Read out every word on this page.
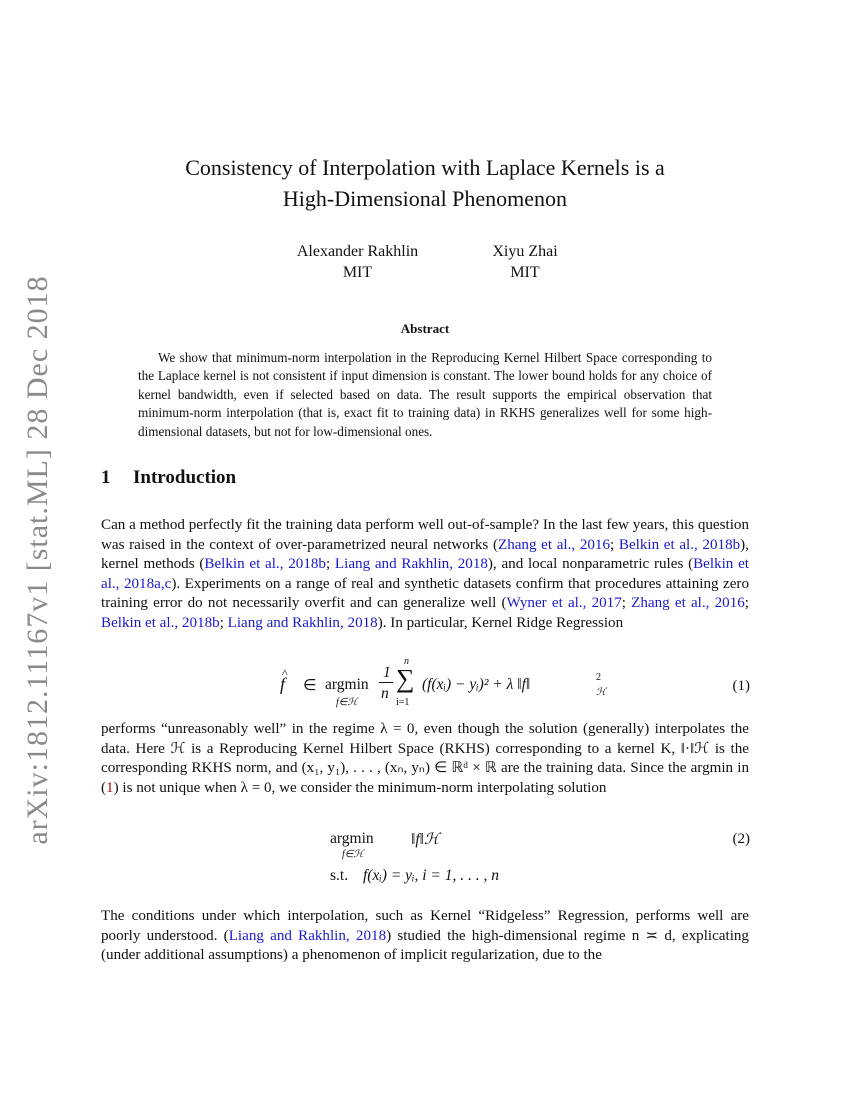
arXiv:1812.11167v1 [stat.ML] 28 Dec 2018
Consistency of Interpolation with Laplace Kernels is a
High-Dimensional Phenomenon
Alexander Rakhlin
MIT
Xiyu Zhai
MIT
Abstract
We show that minimum-norm interpolation in the Reproducing Kernel Hilbert Space corresponding to the Laplace kernel is not consistent if input dimension is constant. The lower bound holds for any choice of kernel bandwidth, even if selected based on data. The result supports the empirical observation that minimum-norm interpolation (that is, exact fit to training data) in RKHS generalizes well for some high-dimensional datasets, but not for low-dimensional ones.
1 Introduction
Can a method perfectly fit the training data perform well out-of-sample? In the last few years, this question was raised in the context of over-parametrized neural networks (Zhang et al., 2016; Belkin et al., 2018b), kernel methods (Belkin et al., 2018b; Liang and Rakhlin, 2018), and local nonparametric rules (Belkin et al., 2018a,c). Experiments on a range of real and synthetic datasets confirm that procedures attaining zero training error do not necessarily overfit and can generalize well (Wyner et al., 2017; Zhang et al., 2016; Belkin et al., 2018b; Liang and Rakhlin, 2018). In particular, Kernel Ridge Regression
f
^
∈ argmin
f∈ℋ
1
n
n
∑
i=1
(f(xᵢ) − yᵢ)² + λ ‖f‖	2
ℋ	(1)
performs “unreasonably well” in the regime λ = 0, even though the solution (generally) interpolates the data. Here ℋ is a Reproducing Kernel Hilbert Space (RKHS) corresponding to a kernel K, ‖·‖ℋ is the corresponding RKHS norm, and (x₁, y₁), . . . , (xₙ, yₙ) ∈ ℝᵈ × ℝ are the training data. Since the argmin in (1) is not unique when λ = 0, we consider the minimum-norm interpolating solution
argmin
f∈ℋ
‖f‖ℋ
s.t. f(xᵢ) = yᵢ, i = 1, . . . , n
(2)
The conditions under which interpolation, such as Kernel “Ridgeless” Regression, performs well are poorly understood. (Liang and Rakhlin, 2018) studied the high-dimensional regime n ≍ d, explicating (under additional assumptions) a phenomenon of implicit regularization, due to the
